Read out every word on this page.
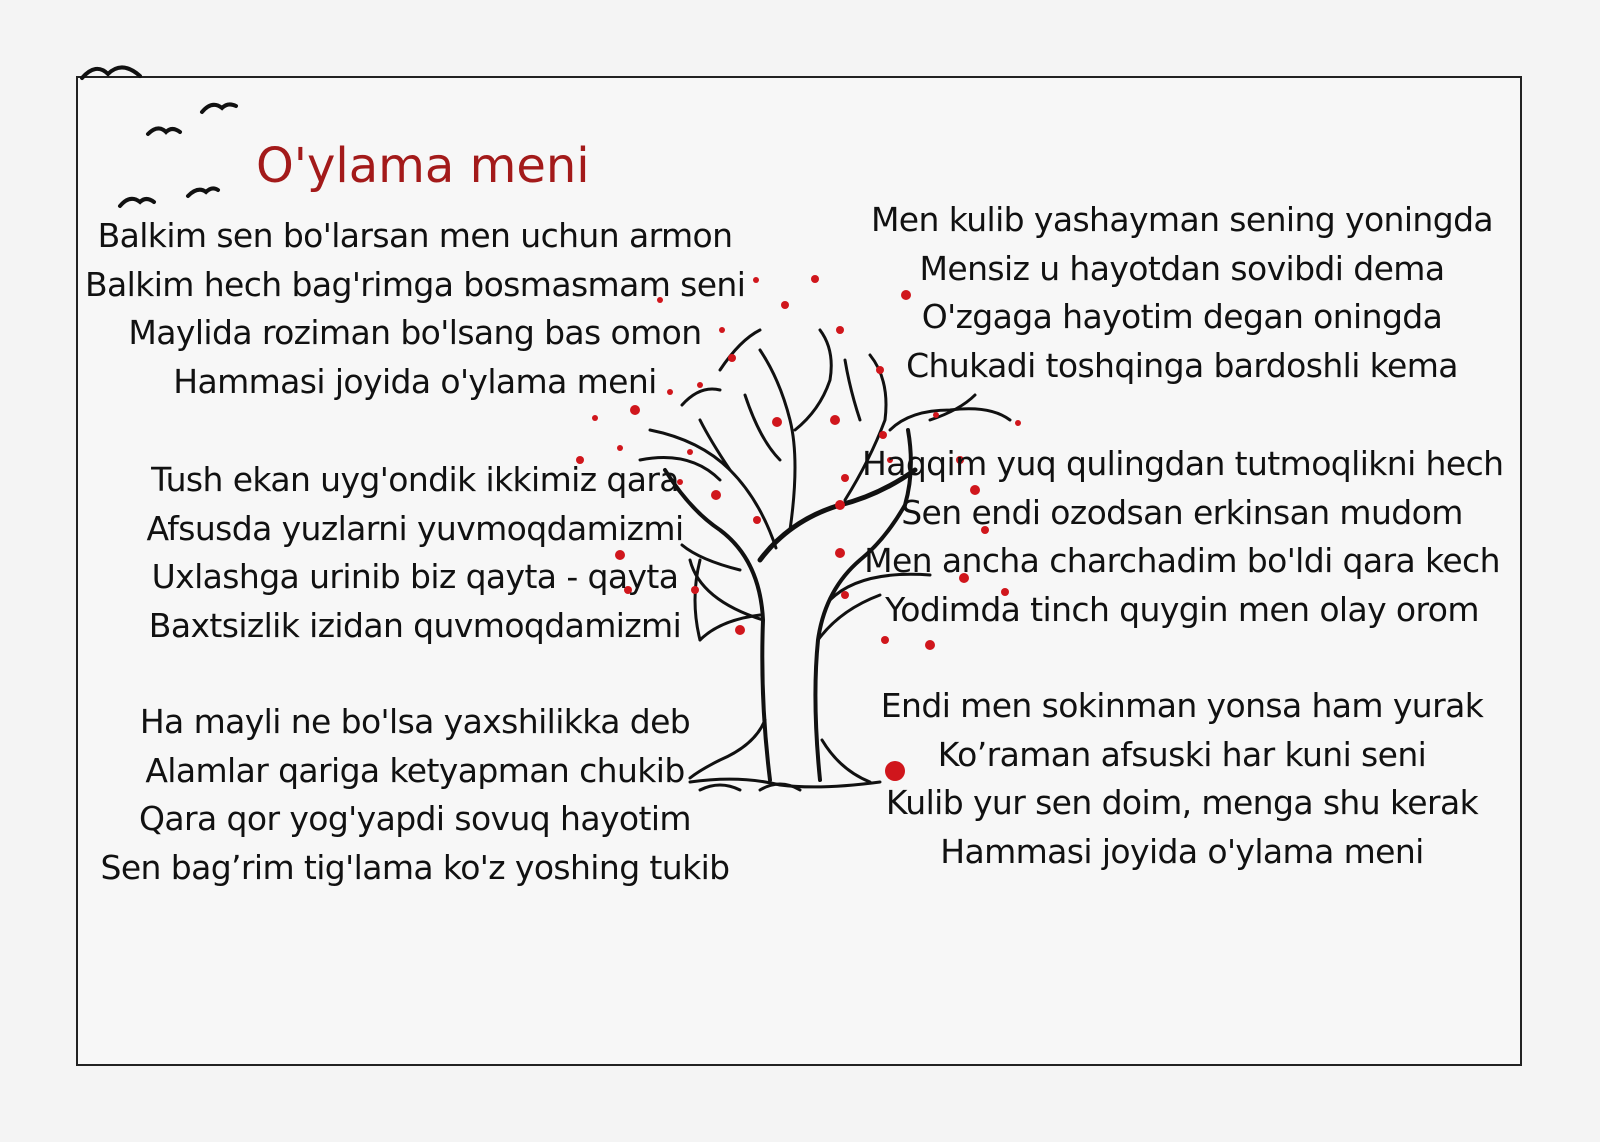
O'ylama meni
Balkim sen bo'larsan men uchun armon
Balkim hech bag'rimga bosmasmam seni
Maylida roziman bo'lsang bas omon
Hammasi joyida o'ylama meni
Tush ekan uyg'ondik ikkimiz qara
Afsusda yuzlarni yuvmoqdamizmi
Uxlashga urinib biz qayta - qayta
Baxtsizlik izidan quvmoqdamizmi
Ha mayli ne bo'lsa yaxshilikka deb
Alamlar qariga ketyapman chukib
Qara qor yog'yapdi sovuq hayotim
Sen bag’rim tig'lama ko'z yoshing tukib
Men kulib yashayman sening yoningda
Mensiz u hayotdan sovibdi dema
O'zgaga hayotim degan oningda
Chukadi toshqinga bardoshli kema
Haqqim yuq qulingdan tutmoqlikni hech
Sen endi ozodsan erkinsan mudom
Men ancha charchadim bo'ldi qara kech
Yodimda tinch quygin men olay orom
Endi men sokinman yonsa ham yurak
Ko’raman afsuski har kuni seni
Kulib yur sen doim, menga shu kerak
Hammasi joyida o'ylama meni
